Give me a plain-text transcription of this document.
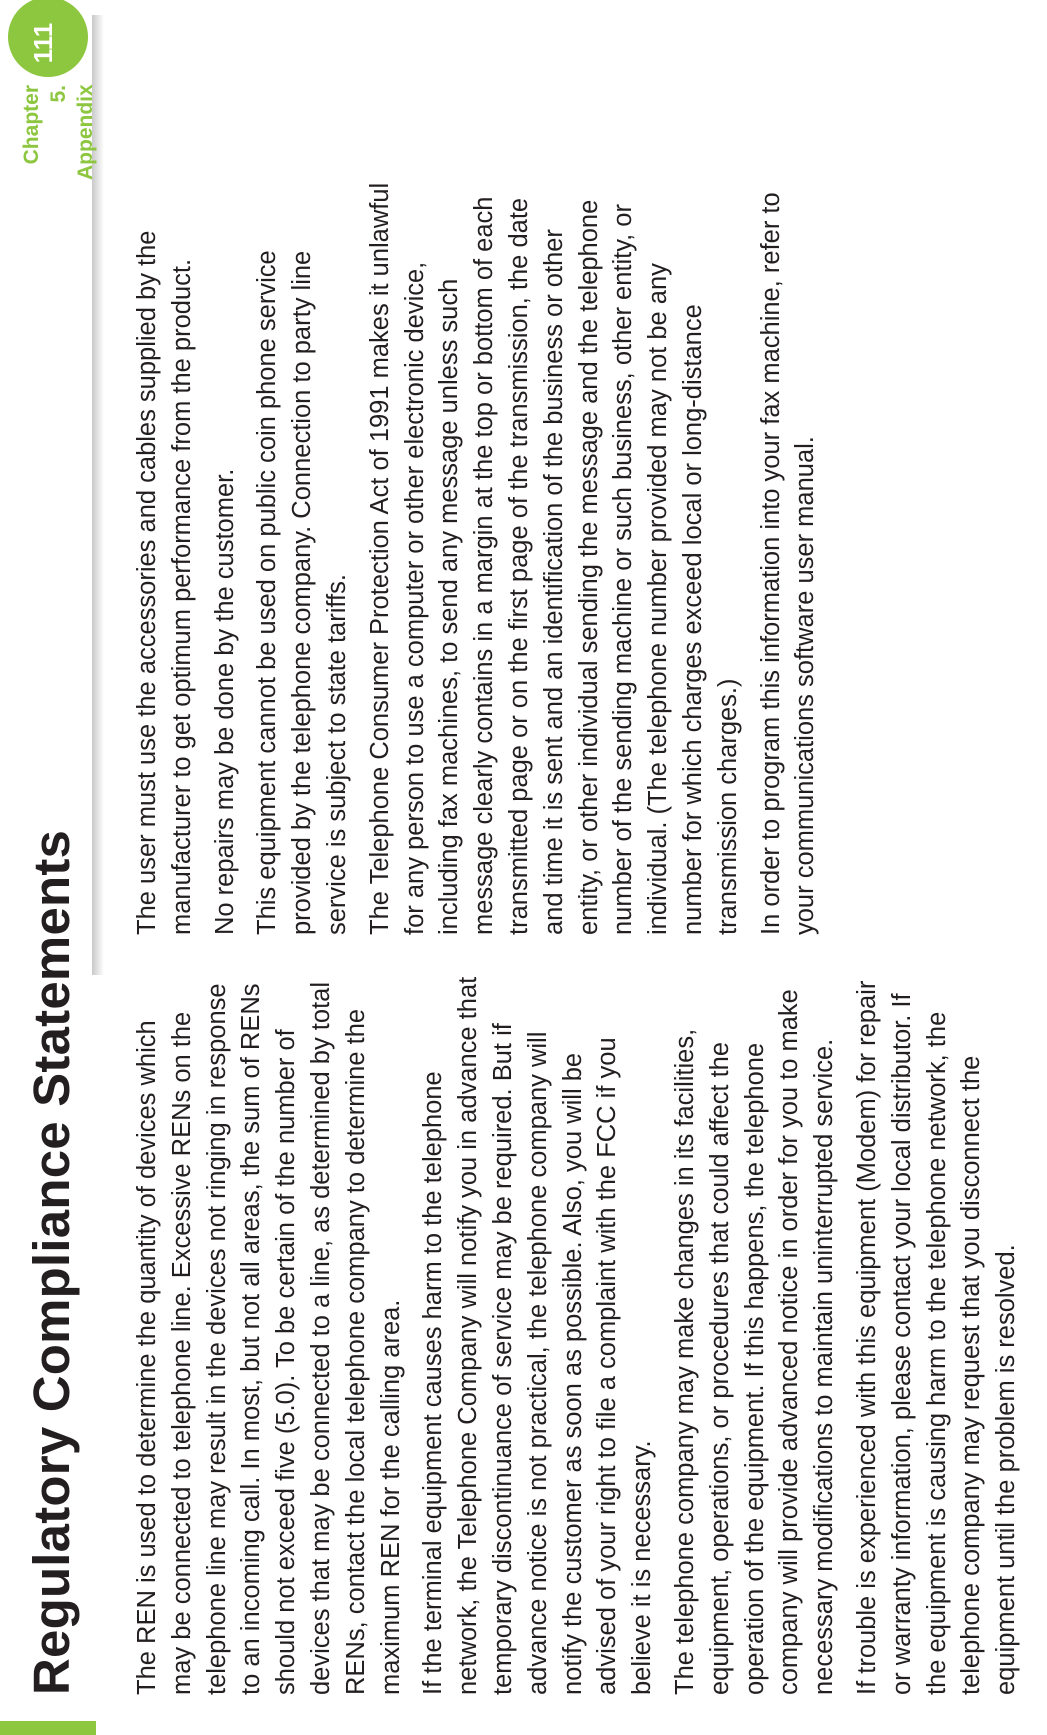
Regulatory Compliance Statements
Chapter 5. Appendix
111

The REN is used to determine the quantity of devices which may be connected to telephone line. Excessive RENs on the telephone line may result in the devices not ringing in response to an incoming call. In most, but not all areas, the sum of RENs should not exceed five (5.0). To be certain of the number of devices that may be connected to a line, as determined by total RENs, contact the local telephone company to determine the maximum REN for the calling area. If the terminal equipment causes harm to the telephone network, the Telephone Company will notify you in advance that temporary discontinuance of service may be required. But if advance notice is not practical, the telephone company will notify the customer as soon as possible. Also, you will be advised of your right to file a complaint with the FCC if you believe it is necessary. The telephone company may make changes in its facilities, equipment, operations, or procedures that could affect the operation of the equipment. If this happens, the telephone company will provide advanced notice in order for you to make necessary modifications to maintain uninterrupted service. If trouble is experienced with this equipment (Modem) for repair or warranty information, please contact your local distributor. If the equipment is causing harm to the telephone network, the telephone company may request that you disconnect the equipment until the problem is resolved.

The user must use the accessories and cables supplied by the manufacturer to get optimum performance from the product. No repairs may be done by the customer. This equipment cannot be used on public coin phone service provided by the telephone company. Connection to party line service is subject to state tariffs. The Telephone Consumer Protection Act of 1991 makes it unlawful for any person to use a computer or other electronic device, including fax machines, to send any message unless such message clearly contains in a margin at the top or bottom of each transmitted page or on the first page of the transmission, the date and time it is sent and an identification of the business or other entity, or other individual sending the message and the telephone number of the sending machine or such business, other entity, or individual. (The telephone number provided may not be any number for which charges exceed local or long-distance transmission charges.) In order to program this information into your fax machine, refer to your communications software user manual.
